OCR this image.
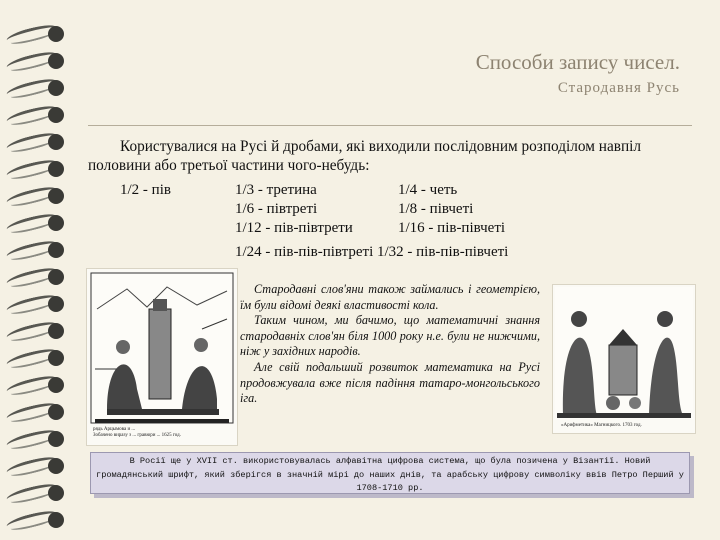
Способи запису чисел.
Стародавня Русь
Користувалися на Русі й дробами, які виходили послідовним розподілом навпіл половини або третьої частини чого-небудь:
1/2 - пів	1/3 - третина
1/6 - півтреті
1/12 - пів-півтрети
1/4 - четь
1/8 - півчеті
1/16 - пів-півчеті
1/24 - пів-пів-півтреті 1/32 - пів-пів-півчеті
рядь Арцымова и ...
Зобачено виразу з ... гравюри ... 1625 год.

Стародавні слов'яни також займались і геометрією, їм були відомі деякі властивості кола.

Таким чином, ми бачимо, що математичні знання стародавніх слов'ян біля 1000 року н.е. були не нижчими, ніж у західних народів.

Але свій подальший розвиток математика на Русі продовжувала вже після падіння татаро-монгольського іга.

«Арифметика» Магницкого. 1703 год.
В Росії ще у XVII ст. використовувалась алфавітна цифрова система, що була позичена у Візантії. Новий громадянський шрифт, який зберігся в значній мірі до наших днів, та арабську цифрову символіку ввів Петро Перший у 1708-1710 рр.
